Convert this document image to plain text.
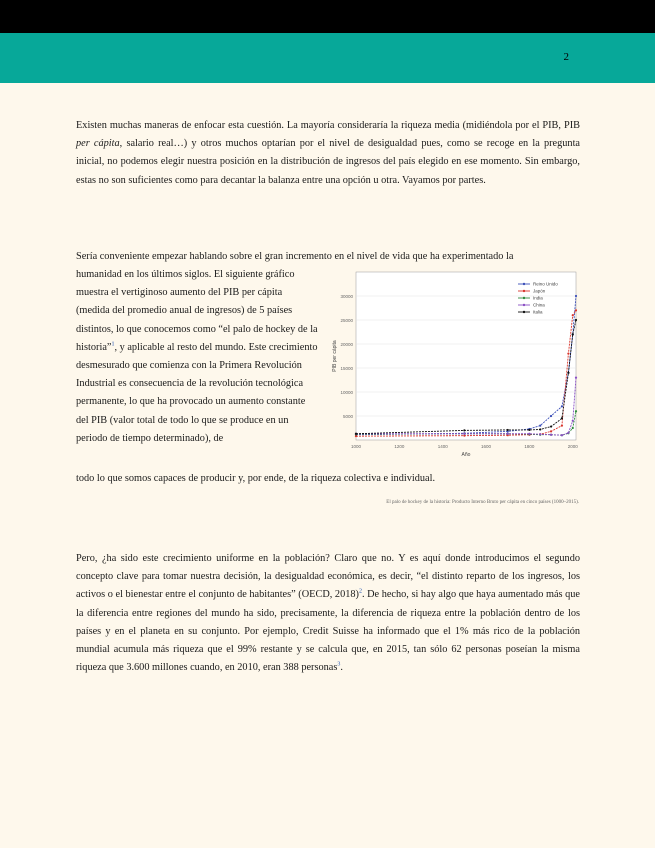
2

Existen muchas maneras de enfocar esta cuestión. La mayoría consideraría la riqueza media (midiéndola por el PIB, PIB per cápita, salario real…) y otros muchos optarían por el nivel de desigualdad pues, como se recoge en la pregunta inicial, no podemos elegir nuestra posición en la distribución de ingresos del país elegido en ese momento. Sin embargo, estas no son suficientes como para decantar la balanza entre una opción u otra. Vayamos por partes.

Sería conveniente empezar hablando sobre el gran incremento en el nivel de vida que ha experimentado la

humanidad en los últimos siglos. El siguiente gráfico muestra el vertiginoso aumento del PIB per cápita (medida del promedio anual de ingresos) de 5 países distintos, lo que conocemos como “el palo de hockey de la historia”$^1$, y aplicable al resto del mundo. Este crecimiento desmesurado que comienza con la Primera Revolución Industrial es consecuencia de la revolución tecnológica permanente, lo que ha provocado un aumento constante del PIB (valor total de todo lo que se produce en un periodo de tiempo determinado), de

5000
10000
15000
20000
25000
30000
1000	1200	1400	1600	1800	2000
Año
PIB per cápita
Reino Unido
Japón
India
China
Italia

todo lo que somos capaces de producir y, por ende, de la riqueza colectiva e individual.

El palo de hockey de la historia: Producto Interno Bruto per cápita en cinco países (1000–2015).

Pero, ¿ha sido este crecimiento uniforme en la población? Claro que no. Y es aquí donde introducimos el segundo concepto clave para tomar nuestra decisión, la desigualdad económica, es decir, “el distinto reparto de los ingresos, los activos o el bienestar entre el conjunto de habitantes” (OECD, 2018)$^2$. De hecho, si hay algo que haya aumentado más que la diferencia entre regiones del mundo ha sido, precisamente, la diferencia de riqueza entre la población dentro de los países y en el planeta en su conjunto. Por ejemplo, Credit Suisse ha informado que el 1% más rico de la población mundial acumula más riqueza que el 99% restante y se calcula que, en 2015, tan sólo 62 personas poseían la misma riqueza que 3.600 millones cuando, en 2010, eran 388 personas$^3$.
